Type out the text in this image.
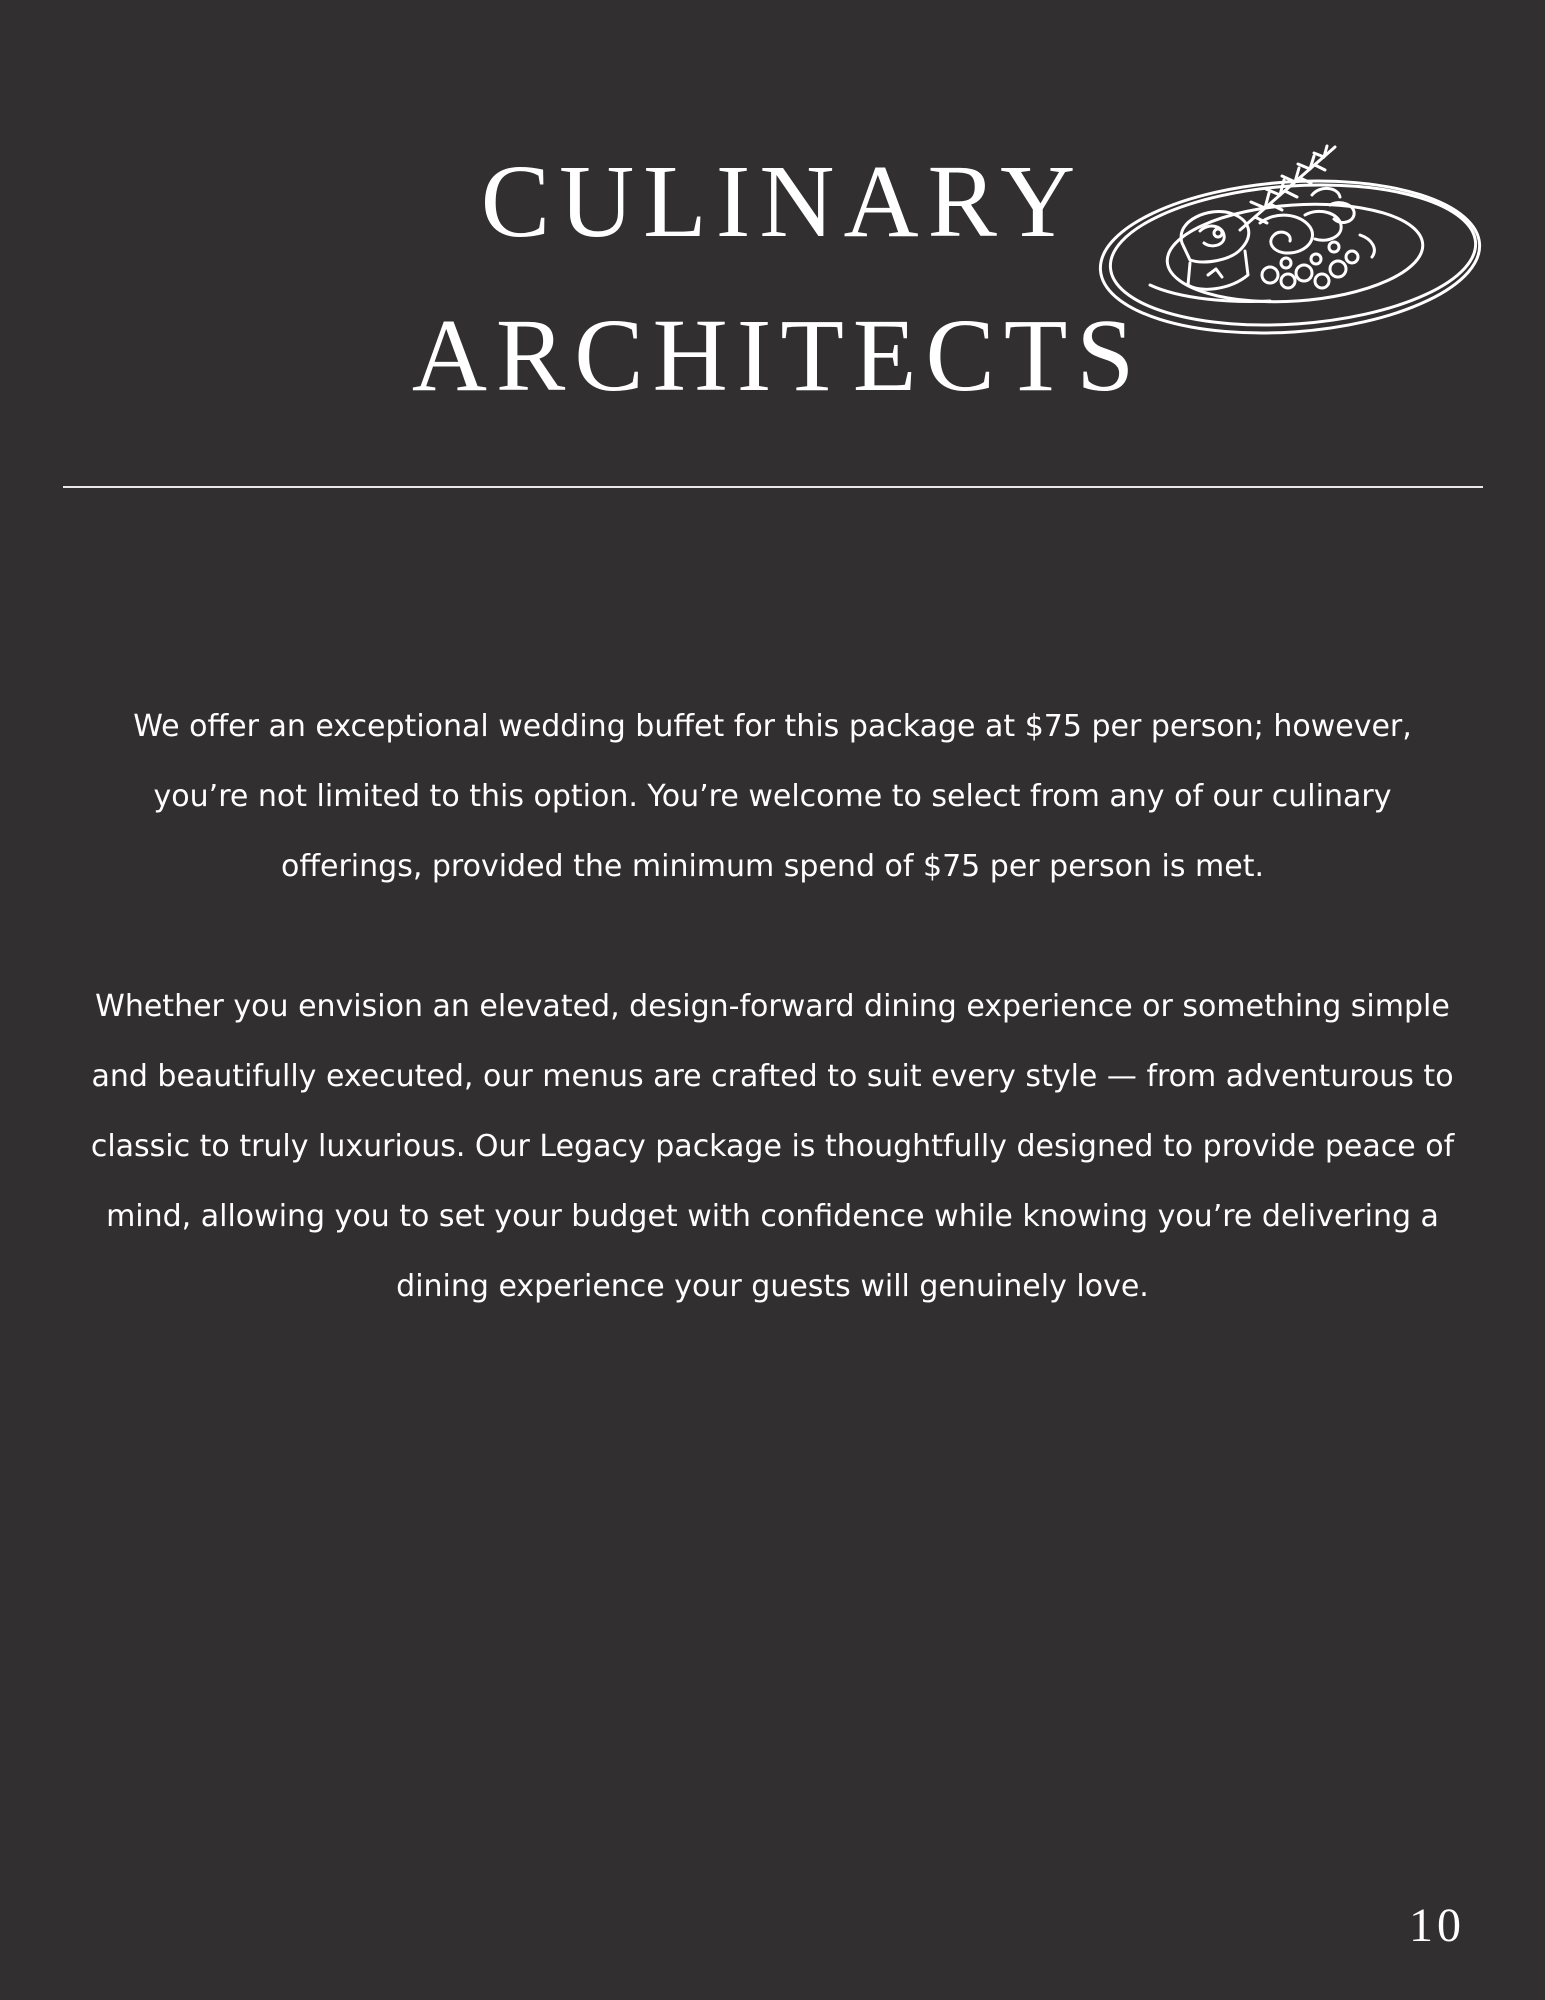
CULINARY
ARCHITECTS

We offer an exceptional wedding buffet for this package at $75 per person; however, you’re not limited to this option. You’re welcome to select from any of our culinary offerings, provided the minimum spend of $75 per person is met.

Whether you envision an elevated, design-forward dining experience or something simple and beautifully executed, our menus are crafted to suit every style — from adventurous to classic to truly luxurious. Our Legacy package is thoughtfully designed to provide peace of mind, allowing you to set your budget with confidence while knowing you’re delivering a dining experience your guests will genuinely love.

10
